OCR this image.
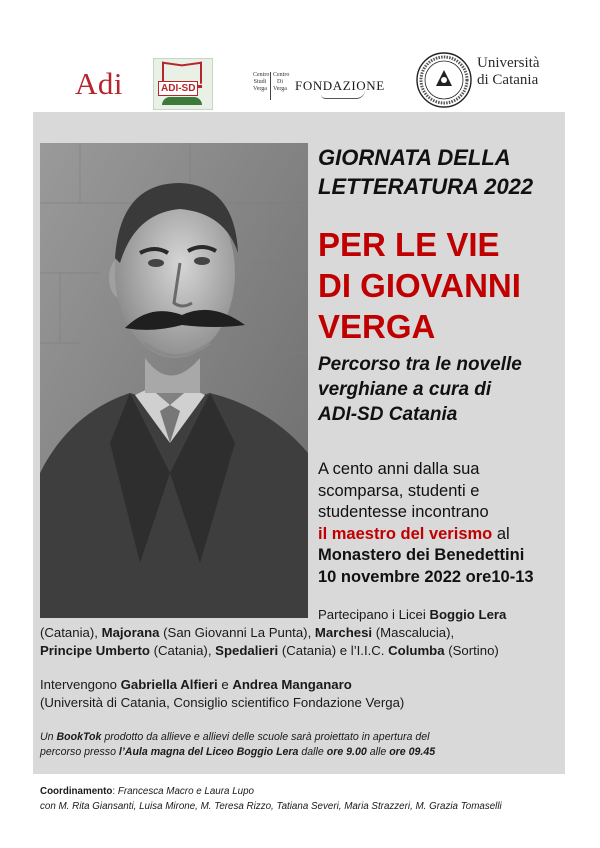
Adi	ADI-SD
Centro
Studi
Verga
Centro
Di
Verga FONDAZIONE
Università
di Catania
GIORNATA DELLA
LETTERATURA 2022
PER LE VIE
DI GIOVANNI
VERGA
Percorso tra le novelle
verghiane a cura di
ADI-SD Catania
A cento anni dalla sua
scomparsa, studenti e
studentesse incontrano
il maestro del verismo al
Monastero dei Benedettini
10 novembre 2022 ore10-13
Partecipano i Licei Boggio Lera
(Catania), Majorana (San Giovanni La Punta), Marchesi (Mascalucia),
Principe Umberto (Catania), Spedalieri (Catania) e l’I.I.C. Columba (Sortino)
Intervengono Gabriella Alfieri e Andrea Manganaro
(Università di Catania, Consiglio scientifico Fondazione Verga)
Un BookTok prodotto da allieve e allievi delle scuole sarà proiettato in apertura del
percorso presso l’Aula magna del Liceo Boggio Lera dalle ore 9.00 alle ore 09.45
Coordinamento: Francesca Macro e Laura Lupo
con M. Rita Giansanti, Luisa Mirone, M. Teresa Rizzo, Tatiana Severi, Maria Strazzeri, M. Grazia Tomaselli
